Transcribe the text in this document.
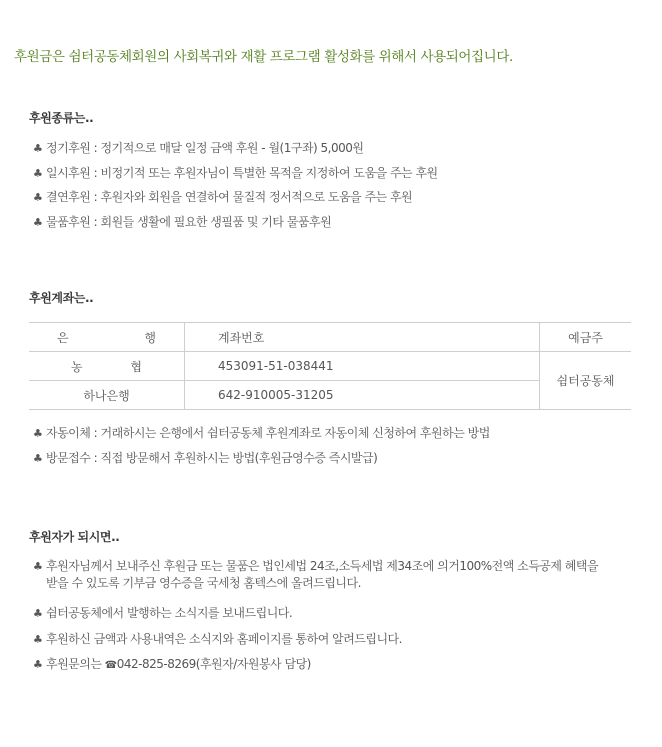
후원금은 쉼터공동체회원의 사회복귀와 재활 프로그램 활성화를 위해서 사용되어집니다.
후원종류는..
♣ 정기후원 : 정기적으로 매달 일정 금액 후원 - 월(1구좌) 5,000원
♣ 일시후원 : 비정기적 또는 후원자님이 특별한 목적을 지정하여 도움을 주는 후원
♣ 결연후원 : 후원자와 회원을 연결하여 물질적 정서적으로 도움을 주는 후원
♣ 물품후원 : 회원들 생활에 필요한 생필품 및 기타 물품후원
후원계좌는..
은 행	계좌번호	예금주
농 협	453091-51-038441	쉼터공동체
하나은행	642-910005-31205	
♣ 자동이체 : 거래하시는 은행에서 쉼터공동체 후원계좌로 자동이체 신청하여 후원하는 방법
♣ 방문접수 : 직접 방문해서 후원하시는 방법(후원금영수증 즉시발급)
후원자가 되시면..
♣ 후원자님께서 보내주신 후원금 또는 물품은 법인세법 24조,소득세법 제34조에 의거100%전액 소득공제 혜택을
받을 수 있도록 기부금 영수증을 국세청 홈텍스에 올려드립니다.
♣ 쉼터공동체에서 발행하는 소식지를 보내드립니다.
♣ 후원하신 금액과 사용내역은 소식지와 홈페이지를 통하여 알려드립니다.
♣ 후원문의는 ☎042-825-8269(후원자/자원봉사 담당)
